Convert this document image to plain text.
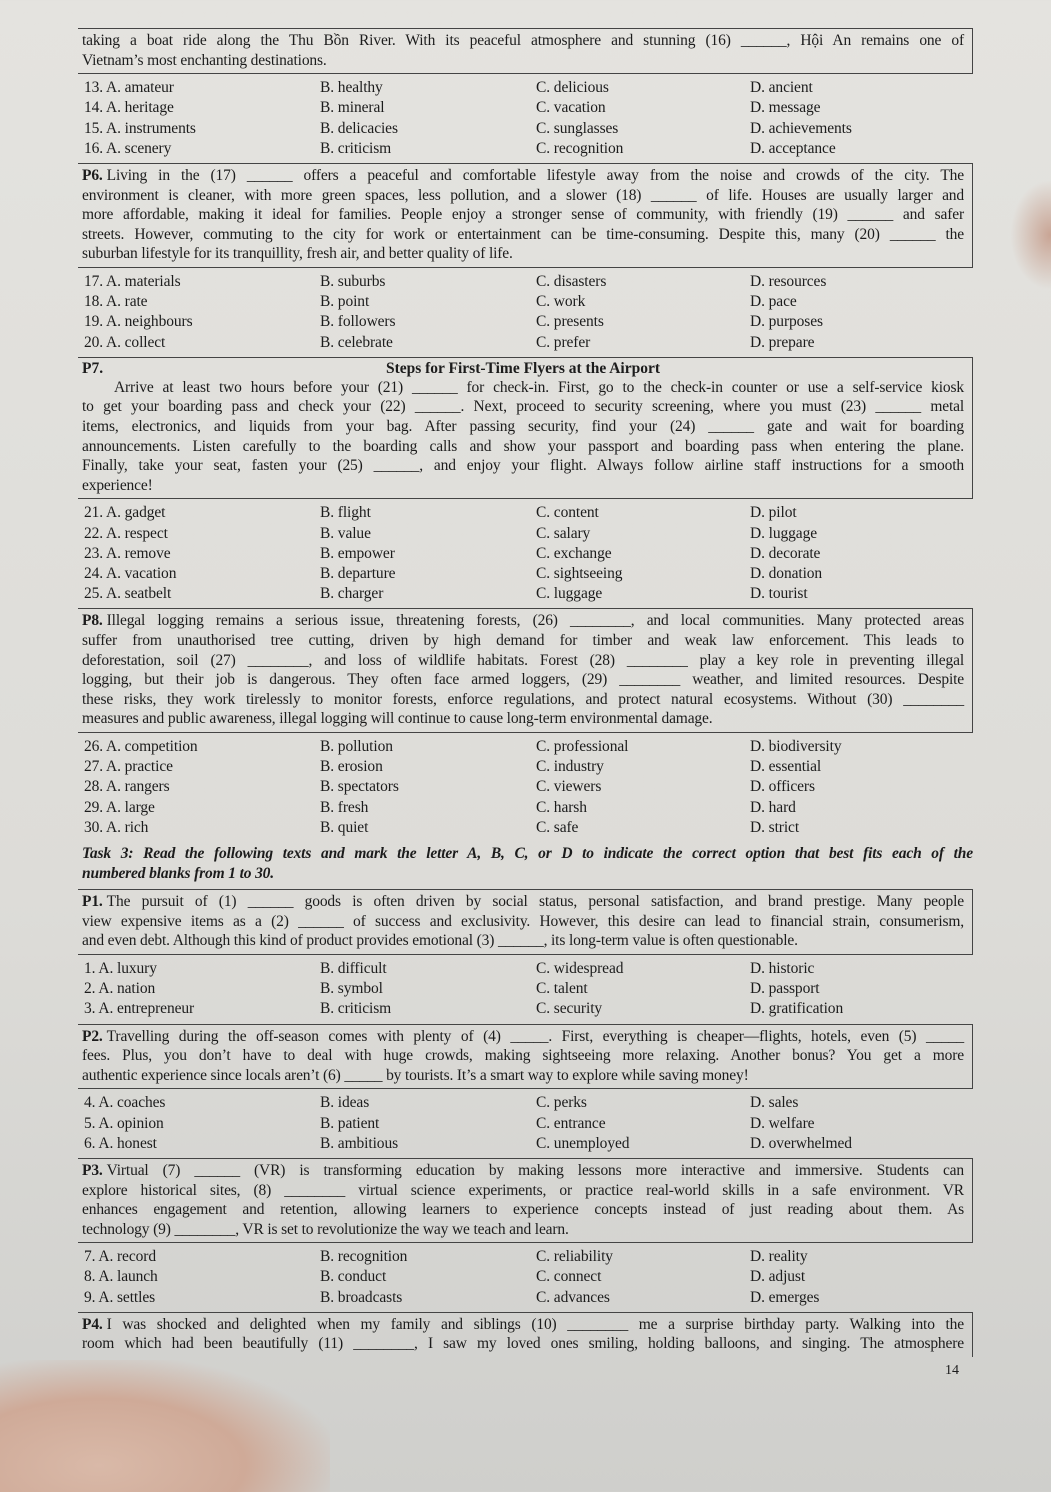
taking a boat ride along the Thu Bồn River. With its peaceful atmosphere and stunning (16) ______, Hội An remains one of
Vietnam’s most enchanting destinations.
13. A. amateur	B. healthy	C. delicious	D. ancient
14. A. heritage	B. mineral	C. vacation	D. message
15. A. instruments	B. delicacies	C. sunglasses	D. achievements
16. A. scenery	B. criticism	C. recognition	D. acceptance
P6. Living in the (17) ______ offers a peaceful and comfortable lifestyle away from the noise and crowds of the city. The
environment is cleaner, with more green spaces, less pollution, and a slower (18) ______ of life. Houses are usually larger and
more affordable, making it ideal for families. People enjoy a stronger sense of community, with friendly (19) ______ and safer
streets. However, commuting to the city for work or entertainment can be time-consuming. Despite this, many (20) ______ the
suburban lifestyle for its tranquillity, fresh air, and better quality of life.
17. A. materials	B. suburbs	C. disasters	D. resources
18. A. rate	B. point	C. work	D. pace
19. A. neighbours	B. followers	C. presents	D. purposes
20. A. collect	B. celebrate	C. prefer	D. prepare
P7.	Steps for First-Time Flyers at the Airport
Arrive at least two hours before your (21) ______ for check-in. First, go to the check-in counter or use a self-service kiosk
to get your boarding pass and check your (22) ______. Next, proceed to security screening, where you must (23) ______ metal
items, electronics, and liquids from your bag. After passing security, find your (24) ______ gate and wait for boarding
announcements. Listen carefully to the boarding calls and show your passport and boarding pass when entering the plane.
Finally, take your seat, fasten your (25) ______, and enjoy your flight. Always follow airline staff instructions for a smooth
experience!
21. A. gadget	B. flight	C. content	D. pilot
22. A. respect	B. value	C. salary	D. luggage
23. A. remove	B. empower	C. exchange	D. decorate
24. A. vacation	B. departure	C. sightseeing	D. donation
25. A. seatbelt	B. charger	C. luggage	D. tourist
P8. Illegal logging remains a serious issue, threatening forests, (26) ________, and local communities. Many protected areas
suffer from unauthorised tree cutting, driven by high demand for timber and weak law enforcement. This leads to
deforestation, soil (27) ________, and loss of wildlife habitats. Forest (28) ________ play a key role in preventing illegal
logging, but their job is dangerous. They often face armed loggers, (29) ________ weather, and limited resources. Despite
these risks, they work tirelessly to monitor forests, enforce regulations, and protect natural ecosystems. Without (30) ________
measures and public awareness, illegal logging will continue to cause long-term environmental damage.
26. A. competition	B. pollution	C. professional	D. biodiversity
27. A. practice	B. erosion	C. industry	D. essential
28. A. rangers	B. spectators	C. viewers	D. officers
29. A. large	B. fresh	C. harsh	D. hard
30. A. rich	B. quiet	C. safe	D. strict
Task 3: Read the following texts and mark the letter A, B, C, or D to indicate the correct option that best fits each of the
numbered blanks from 1 to 30.
P1. The pursuit of (1) ______ goods is often driven by social status, personal satisfaction, and brand prestige. Many people
view expensive items as a (2) ______ of success and exclusivity. However, this desire can lead to financial strain, consumerism,
and even debt. Although this kind of product provides emotional (3) ______, its long-term value is often questionable.
1. A. luxury	B. difficult	C. widespread	D. historic
2. A. nation	B. symbol	C. talent	D. passport
3. A. entrepreneur	B. criticism	C. security	D. gratification
P2. Travelling during the off-season comes with plenty of (4) _____. First, everything is cheaper—flights, hotels, even (5) _____
fees. Plus, you don’t have to deal with huge crowds, making sightseeing more relaxing. Another bonus? You get a more
authentic experience since locals aren’t (6) _____ by tourists. It’s a smart way to explore while saving money!
4. A. coaches	B. ideas	C. perks	D. sales
5. A. opinion	B. patient	C. entrance	D. welfare
6. A. honest	B. ambitious	C. unemployed	D. overwhelmed
P3. Virtual (7) ______ (VR) is transforming education by making lessons more interactive and immersive. Students can
explore historical sites, (8) ________ virtual science experiments, or practice real-world skills in a safe environment. VR
enhances engagement and retention, allowing learners to experience concepts instead of just reading about them. As
technology (9) ________, VR is set to revolutionize the way we teach and learn.
7. A. record	B. recognition	C. reliability	D. reality
8. A. launch	B. conduct	C. connect	D. adjust
9. A. settles	B. broadcasts	C. advances	D. emerges
P4. I was shocked and delighted when my family and siblings (10) ________ me a surprise birthday party. Walking into the
room which had been beautifully (11) ________, I saw my loved ones smiling, holding balloons, and singing. The atmosphere
14
